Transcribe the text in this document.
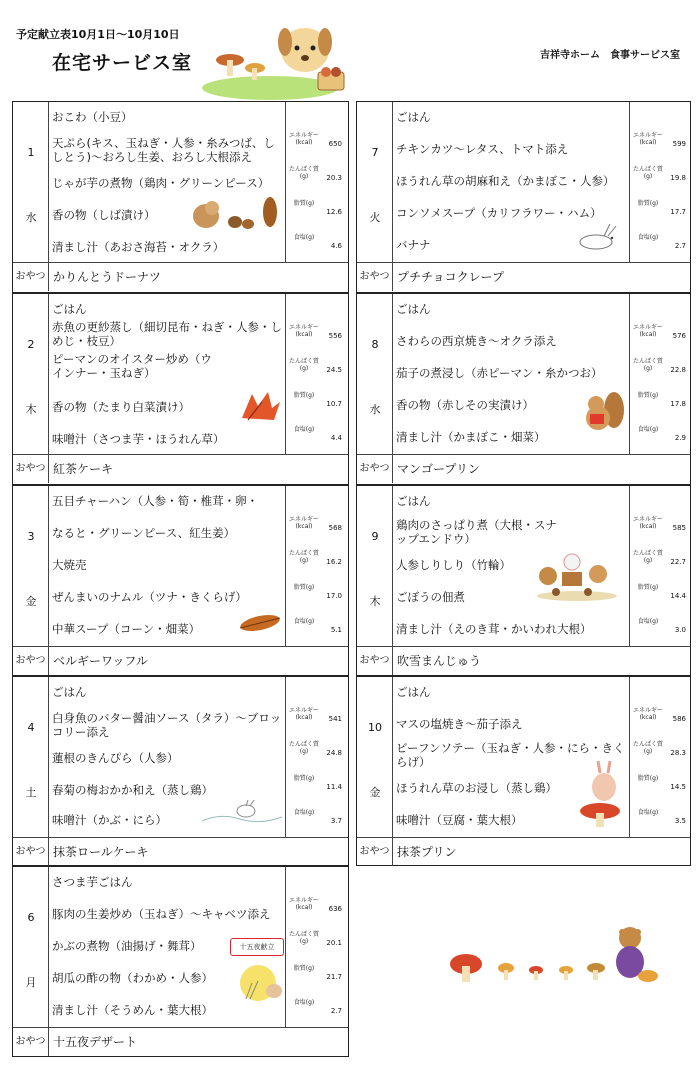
予定献立表10月1日～10月10日
在宅サービス室	吉祥寺ホーム　食事サービス室
1
水
おこわ（小豆）
天ぷら(キス、玉ねぎ・人参・糸みつば、ししとう)～おろし生姜、おろし大根添え
じゃが芋の煮物（鶏肉・グリーンピース）
香の物（しば漬け）
清まし汁（あおさ海苔・オクラ）
エネルギー(kcal)	650
たんぱく質(g)	20.3
脂質(g)
12.6
食塩(g)
4.6
おやつ かりんとうドーナツ
2
木
ごはん
赤魚の更紗蒸し（細切昆布・ねぎ・人参・しめじ・枝豆）
ピーマンのオイスター炒め（ウインナー・玉ねぎ）
香の物（たまり白菜漬け）
味噌汁（さつま芋・ほうれん草）
エネルギー(kcal)	556
たんぱく質(g)	24.5
脂質(g)
10.7
食塩(g)
4.4
おやつ 紅茶ケーキ
3
金
五目チャーハン（人参・筍・椎茸・卵・
なると・グリーンピース、紅生姜）
大焼売
ぜんまいのナムル（ツナ・きくらげ）
中華スープ（コーン・畑菜）
エネルギー(kcal)	568
たんぱく質(g)	16.2
脂質(g)
17.0
食塩(g)
5.1
おやつ ベルギーワッフル
4
土
ごはん
白身魚のバター醤油ソース（タラ）～ブロッコリー添え
蓮根のきんぴら（人参）
春菊の梅おかか和え（蒸し鶏）
味噌汁（かぶ・にら）
エネルギー(kcal)	541
たんぱく質(g)	24.8
脂質(g)
11.4
食塩(g)
3.7
おやつ 抹茶ロールケーキ
6
月
さつま芋ごはん
豚肉の生姜炒め（玉ねぎ）～キャベツ添え
かぶの煮物（油揚げ・舞茸）
胡瓜の酢の物（わかめ・人参）
清まし汁（そうめん・葉大根）
十五夜献立
エネルギー(kcal)	636
たんぱく質(g)	20.1
脂質(g)
21.7
食塩(g)
2.7
おやつ 十五夜デザート
7
火
ごはん
チキンカツ～レタス、トマト添え
ほうれん草の胡麻和え（かまぼこ・人参）
コンソメスープ（カリフラワー・ハム）
バナナ
エネルギー(kcal)	599
たんぱく質(g)	19.8
脂質(g)
17.7
食塩(g)
2.7
おやつ プチチョコクレープ
8
水
ごはん
さわらの西京焼き～オクラ添え
茄子の煮浸し（赤ピーマン・糸かつお）
香の物（赤しその実漬け）
清まし汁（かまぼこ・畑菜）
エネルギー(kcal)	576
たんぱく質(g)	22.8
脂質(g)
17.8
食塩(g)
2.9
おやつ マンゴープリン
9
木
ごはん
鶏肉のさっぱり煮（大根・スナップエンドウ）
人参しりしり（竹輪）
ごぼうの佃煮
清まし汁（えのき茸・かいわれ大根）
エネルギー(kcal)	585
たんぱく質(g)	22.7
脂質(g)
14.4
食塩(g)
3.0
おやつ 吹雪まんじゅう
10
金
ごはん
マスの塩焼き～茄子添え
ビーフンソテー（玉ねぎ・人参・にら・きくらげ）
ほうれん草のお浸し（蒸し鶏）
味噌汁（豆腐・葉大根）
エネルギー(kcal)	586
たんぱく質(g)	28.3
脂質(g)
14.5
食塩(g)
3.5
おやつ 抹茶プリン
